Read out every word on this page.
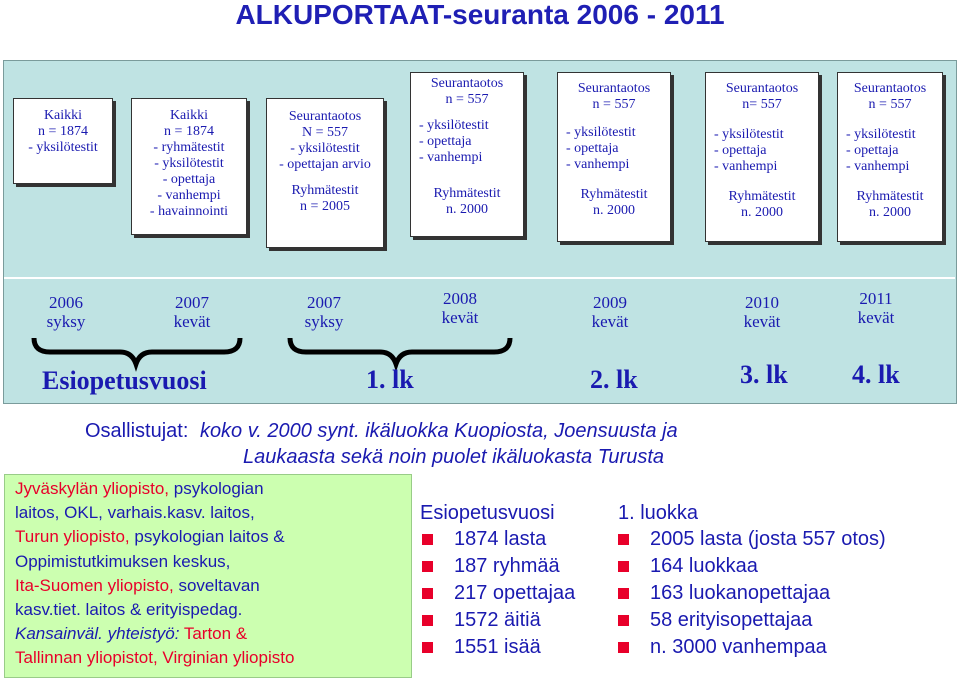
ALKUPORTAAT-seuranta 2006 - 2011
Kaikki
n = 1874
- yksilötestit
Kaikki
n = 1874
- ryhmätestit
- yksilötestit
- opettaja
- vanhempi
- havainnointi
Seurantaotos
N = 557
- yksilötestit
- opettajan arvio
Ryhmätestit
n = 2005
Seurantaotos
n = 557
- yksilötestit
- opettaja
- vanhempi
Ryhmätestit
n. 2000
Seurantaotos
n = 557
- yksilötestit
- opettaja
- vanhempi
Ryhmätestit
n. 2000
Seurantaotos
n= 557
- yksilötestit
- opettaja
- vanhempi
Ryhmätestit
n. 2000
Seurantaotos
n = 557
- yksilötestit
- opettaja
- vanhempi
Ryhmätestit
n. 2000
2006
syksy
2007
kevät
2007
syksy
2008
kevät
2009
kevät
2010
kevät
2011
kevät
Esiopetusvuosi	1. lk	2. lk	3. lk 4. lk
Osallistujat: koko v. 2000 synt. ikäluokka Kuopiosta, Joensuusta ja
Laukaasta sekä noin puolet ikäluokasta Turusta
Jyväskylän yliopisto, psykologian
laitos, OKL, varhais.kasv. laitos,
Turun yliopisto, psykologian laitos &
Oppimistutkimuksen keskus,
Ita-Suomen yliopisto, soveltavan
kasv.tiet. laitos & erityispedag.
Kansainväl. yhteistyö: Tarton &
Tallinnan yliopistot, Virginian yliopisto
Esiopetusvuosi
1874 lasta
187 ryhmää
217 opettajaa
1572 äitiä
1551 isää
1. luokka
2005 lasta (josta 557 otos)
164 luokkaa
163 luokanopettajaa
58 erityisopettajaa
n. 3000 vanhempaa
